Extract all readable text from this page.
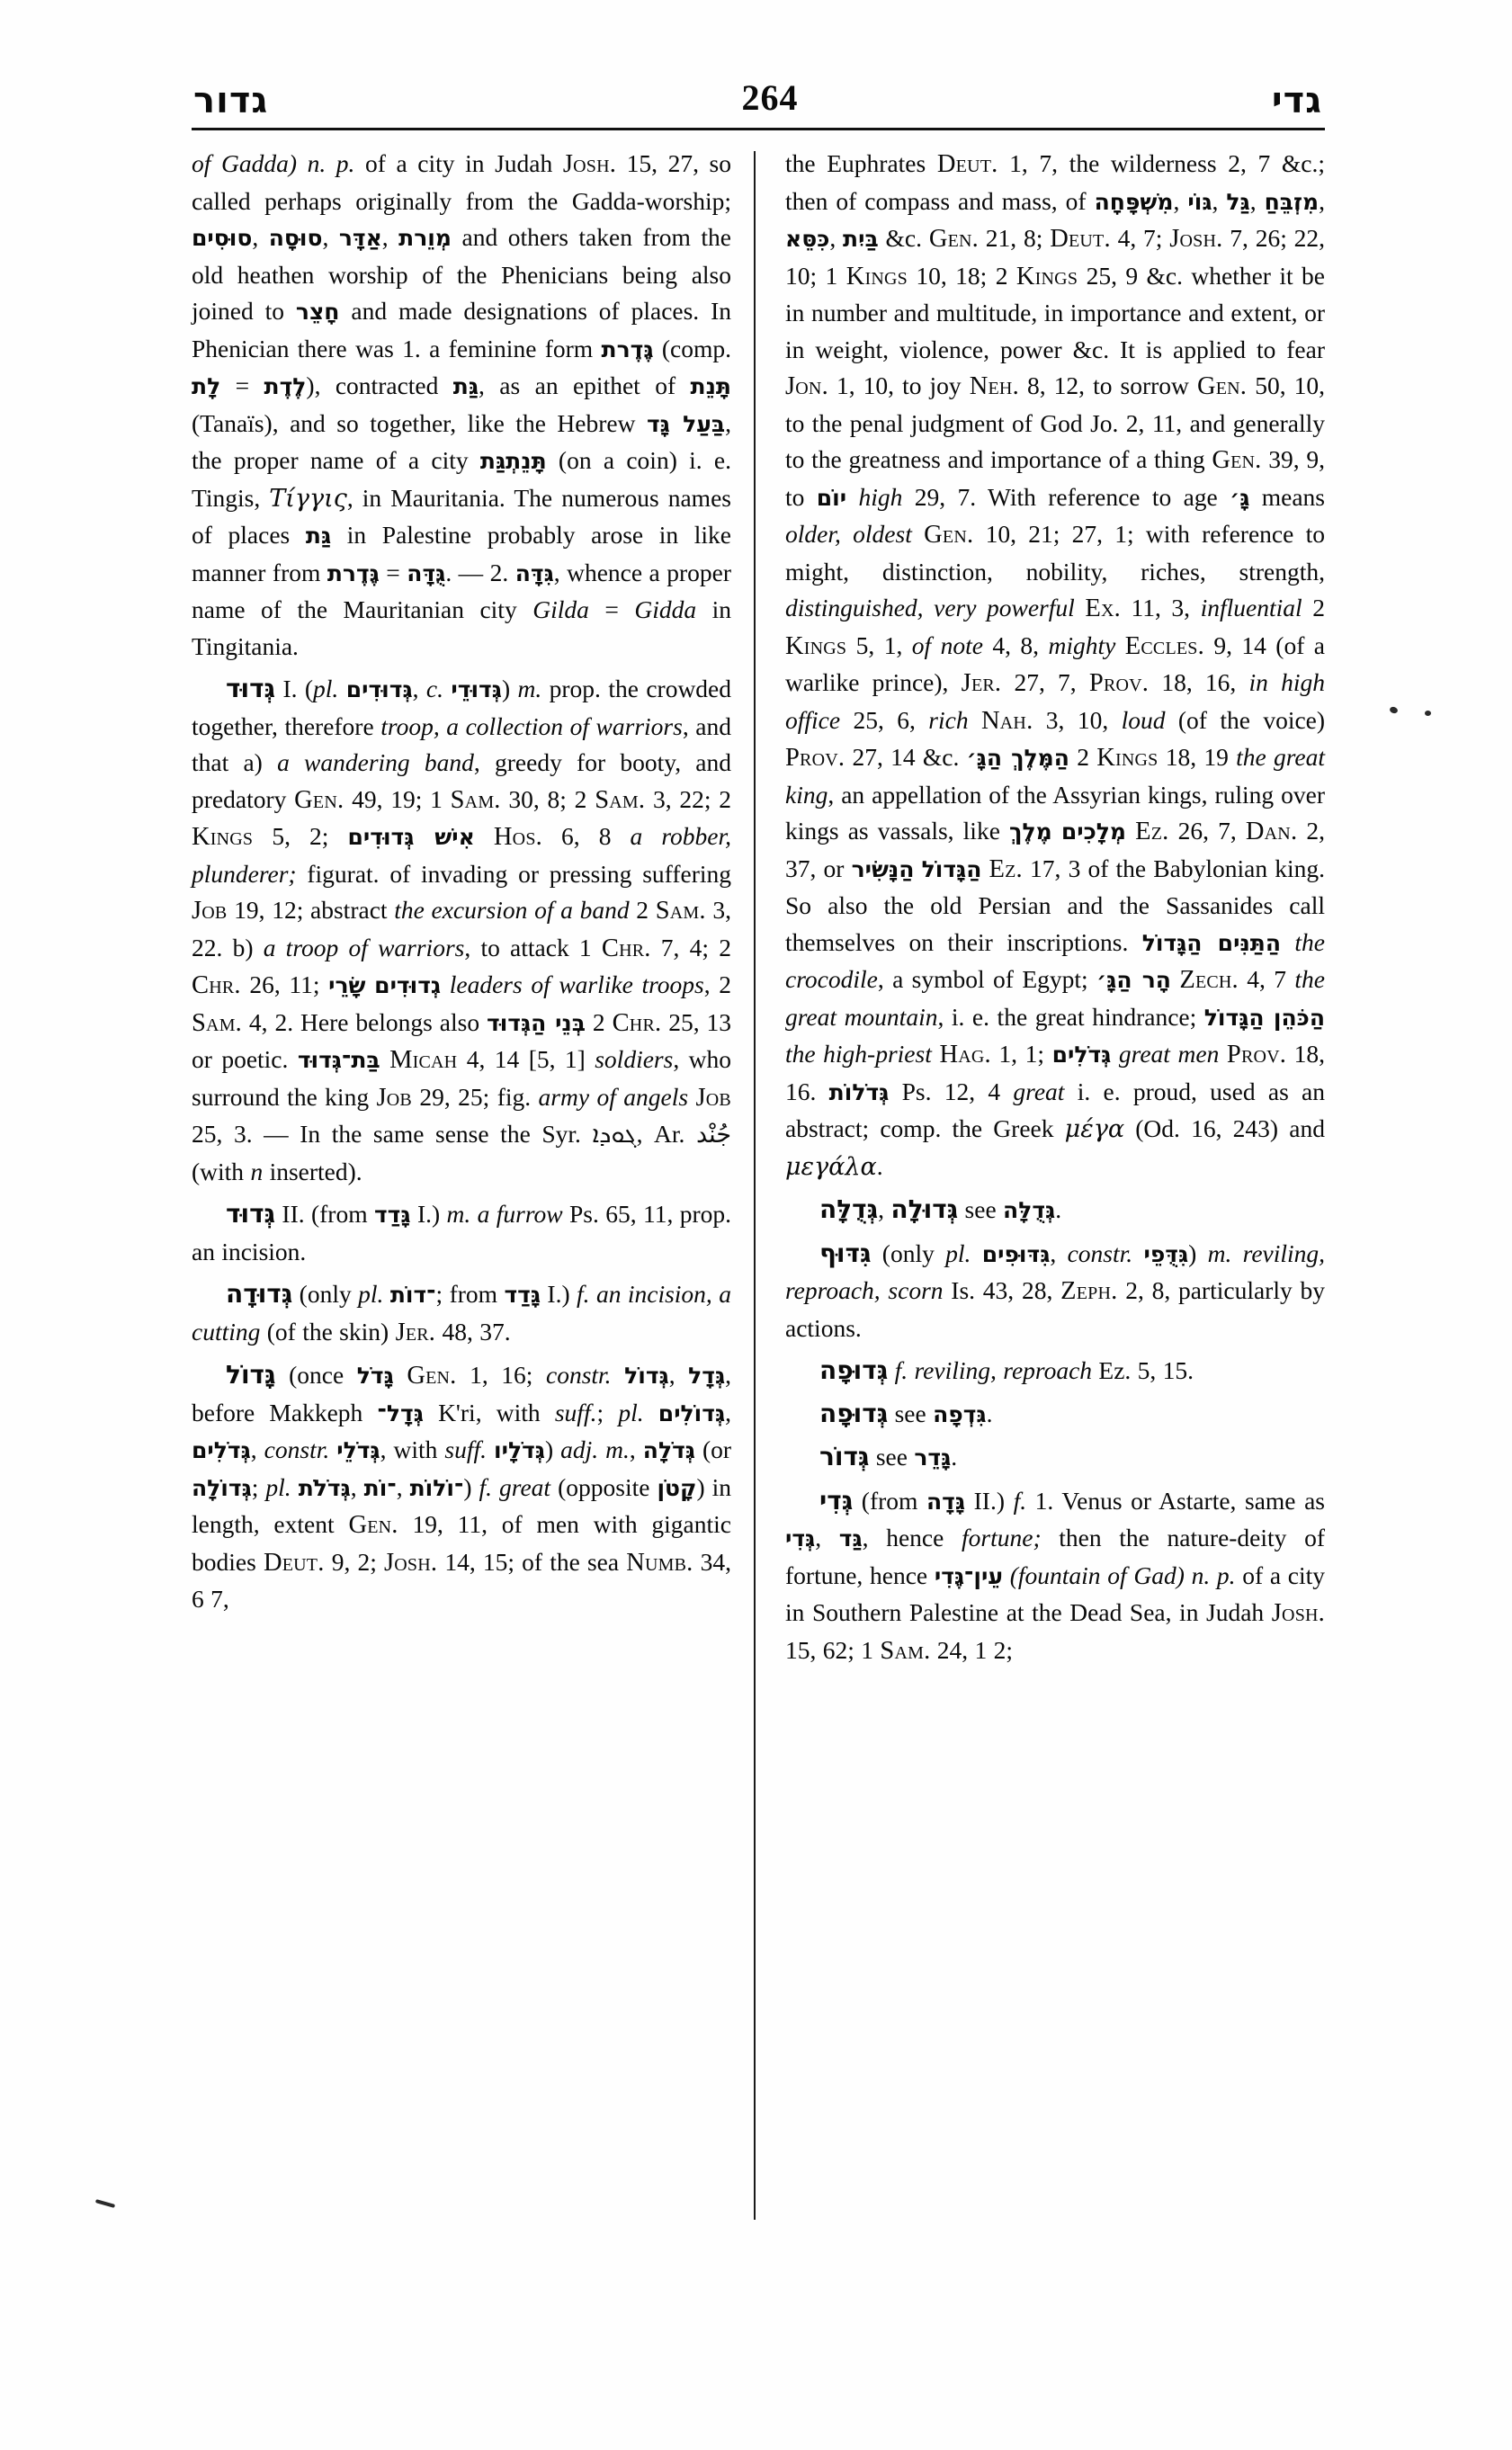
גדור	264	גדי

of Gadda) n. p. of a city in Judah Josh. 15, 27, so called perhaps originally from the Gadda-worship; סוּסִים, סוּסָה, אַדָּר, מְוֵרת and others taken from the old heathen worship of the Phenicians being also joined to חָצֵר and made designations of places. In Phenician there was 1. a feminine form גֶּדֶרת (comp. לָת = לֶדֶת), contracted גַּת, as an epithet of תָּנֵת (Tanaïs), and so together, like the Hebrew בַּעַל גָּד, the proper name of a city תָּנֵתְגַּת (on a coin) i. e. Tingis, Τίγγις, in Mauritania. The numerous names of places גַּת in Palestine probably arose in like manner from גֶּדֶרת = גֻּדָּה. — 2. גִּדָּה, whence a proper name of the Mauritanian city Gilda = Gidda in Tingitania.

גְּדוּד I. (pl. גְּדוּדִים, c. גְּדוּדֵי) m. prop. the crowded together, therefore troop, a collection of warriors, and that a) a wandering band, greedy for booty, and predatory Gen. 49, 19; 1 Sam. 30, 8; 2 Sam. 3, 22; 2 Kings 5, 2; אִישׁ גְּדוּדִים Hos. 6, 8 a robber, plunderer; figurat. of invading or pressing suffering Job 19, 12; abstract the excursion of a band 2 Sam. 3, 22. b) a troop of warriors, to attack 1 Chr. 7, 4; 2 Chr. 26, 11; שָׂרֵי גְדוּדִים leaders of warlike troops, 2 Sam. 4, 2. Here belongs also בְּנֵי הַגְּדוּד 2 Chr. 25, 13 or poetic. בַּת־גְּדוּד Micah 4, 14 [5, 1] soldiers, who surround the king Job 29, 25; fig. army of angels Job 25, 3. — In the same sense the Syr. ܓܘܕܐ, Ar. جُنْد (with n inserted).

גְּדוּד II. (from גָּדַד I.) m. a furrow Ps. 65, 11, prop. an incision.

גְּדוּדָה (only pl. ־דוֹת; from גָּדַד I.) f. an incision, a cutting (of the skin) Jer. 48, 37.

גָּדוֹל (once גָּדֹל Gen. 1, 16; constr. גְּדוֹל, גְּדָל, before Makkeph גְּדָל־ K'ri, with suff.; pl. גְּדוֹלִים, גְּדֹלִים, constr. גְּדֹלֵי, with suff. גְּדֹלָיו) adj. m., גְּדֹלָה (or גְּדוֹלָה; pl. גְּדֹלֹת, ־וֹת, ־וֹלוֹת) f. great (opposite קָטֹן) in length, extent Gen. 19, 11, of men with gigantic bodies Deut. 9, 2; Josh. 14, 15; of the sea Numb. 34, 6 7,

the Euphrates Deut. 1, 7, the wilderness 2, 7 &c.; then of compass and mass, of מִשְׁפָּחָה, גּוֹי, גַּל, מִזְבֵּחַ, כִּסֵּא, בַּיִת &c. Gen. 21, 8; Deut. 4, 7; Josh. 7, 26; 22, 10; 1 Kings 10, 18; 2 Kings 25, 9 &c. whether it be in number and multitude, in importance and extent, or in weight, violence, power &c. It is applied to fear Jon. 1, 10, to joy Neh. 8, 12, to sorrow Gen. 50, 10, to the penal judgment of God Jo. 2, 11, and generally to the greatness and importance of a thing Gen. 39, 9, to יוֹם high 29, 7. With reference to age גָּ׳ means older, oldest Gen. 10, 21; 27, 1; with reference to might, distinction, nobility, riches, strength, distinguished, very powerful Ex. 11, 3, influential 2 Kings 5, 1, of note 4, 8, mighty Eccles. 9, 14 (of a warlike prince), Jer. 27, 7, Prov. 18, 16, in high office 25, 6, rich Nah. 3, 10, loud (of the voice) Prov. 27, 14 &c. הַמֶּלֶךְ הַגָּ׳ 2 Kings 18, 19 the great king, an appellation of the Assyrian kings, ruling over kings as vassals, like מֶלֶךְ מְלָכִים Ez. 26, 7, Dan. 2, 37, or הַנָּשִׂיר הַגָּדוֹל Ez. 17, 3 of the Babylonian king. So also the old Persian and the Sassanides call themselves on their inscriptions. הַתַּנִּים הַגָּדוֹל the crocodile, a symbol of Egypt; הָר הַגָּ׳ Zech. 4, 7 the great mountain, i. e. the great hindrance; הַכֹּהֵן הַגָּדוֹל the high-priest Hag. 1, 1; גְּדֹלִים great men Prov. 18, 16. גְּדֹלוֹת Ps. 12, 4 great i. e. proud, used as an abstract; comp. the Greek μέγα (Od. 16, 243) and μεγάλα.

גְּדֻלָּה, גְּדוּלָה see גְּדֻלָּה.

גִּדּוּף (only pl. גִּדּוּפִים, constr. גִּדֻּפֵי) m. reviling, reproach, scorn Is. 43, 28, Zeph. 2, 8, particularly by actions.

גְּדוּפָה f. reviling, reproach Ez. 5, 15.

גְּדוּפָה see גִּדְפָה.

גְּדוֹר see גָּדֵר.

גְּדִי (from גָּדָה II.) f. 1. Venus or Astarte, same as גְּדִי, גַּד, hence fortune; then the nature-deity of fortune, hence עֵין־גֶּדִי (fountain of Gad) n. p. of a city in Southern Palestine at the Dead Sea, in Judah Josh. 15, 62; 1 Sam. 24, 1 2;
